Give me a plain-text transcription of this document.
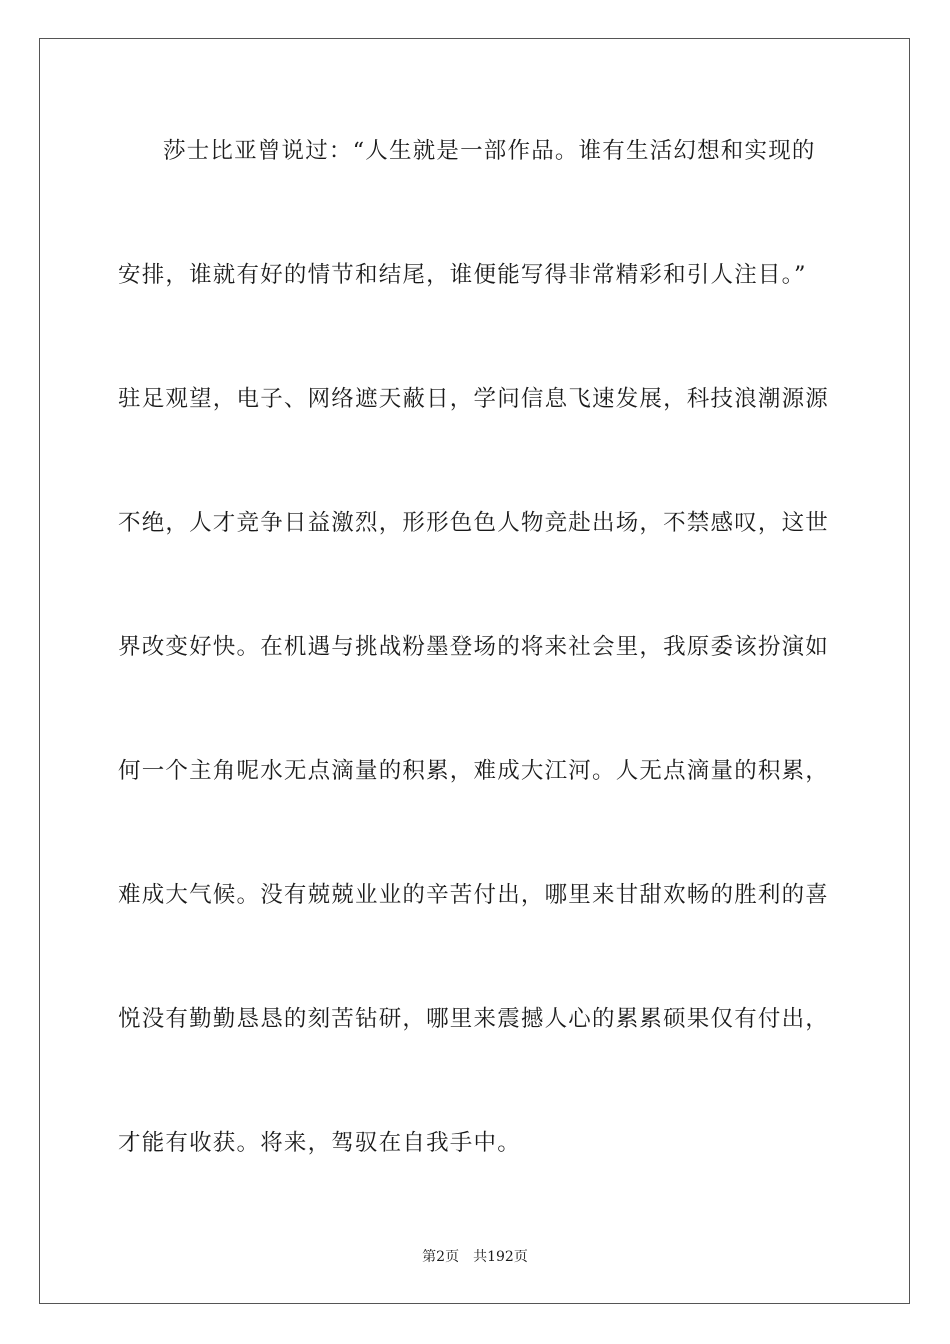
莎士比亚曾说过：“人生就是一部作品。谁有生活幻想和实现的
安排，谁就有好的情节和结尾，谁便能写得非常精彩和引人注目。”
驻足观望，电子、网络遮天蔽日，学问信息飞速发展，科技浪潮源源
不绝，人才竞争日益激烈，形形色色人物竞赴出场，不禁感叹，这世
界改变好快。在机遇与挑战粉墨登场的将来社会里，我原委该扮演如
何一个主角呢水无点滴量的积累，难成大江河。人无点滴量的积累，
难成大气候。没有兢兢业业的辛苦付出，哪里来甘甜欢畅的胜利的喜
悦没有勤勤恳恳的刻苦钻研，哪里来震撼人心的累累硕果仅有付出，
才能有收获。将来，驾驭在自我手中。
第2页 共192页
